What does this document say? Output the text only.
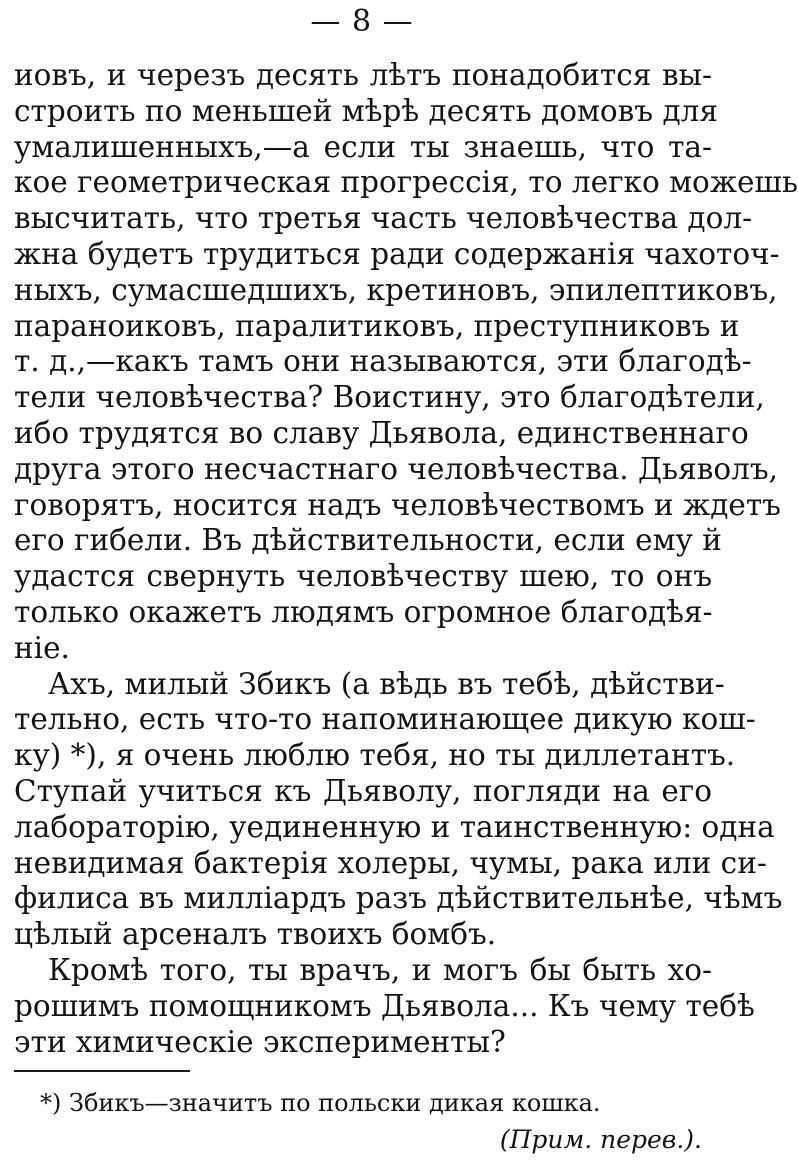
— 8 —
иовъ, и черезъ десять лѣтъ понадобится вы-
строить по меньшей мѣрѣ десять домовъ для
умалишенныхъ,—а если ты знаешь, что та-
кое геометрическая прогрессія, то легко можешь
высчитать, что третья часть человѣчества дол-
жна будетъ трудиться ради содержанія чахоточ-
ныхъ, сумасшедшихъ, кретиновъ, эпилептиковъ,
параноиковъ, паралитиковъ, преступниковъ и
т. д.,—какъ тамъ они называются, эти благодѣ-
тели человѣчества? Воистину, это благодѣтели,
ибо трудятся во славу Дьявола, единственнаго
друга этого несчастнаго человѣчества. Дьяволъ,
говорятъ, носится надъ человѣчествомъ и ждетъ
его гибели. Въ дѣйствительности, если ему й
удастся свернуть человѣчеству шею, то онъ
только окажетъ людямъ огромное благодѣя-
ніе.
Ахъ, милый Збикъ (а вѣдь въ тебѣ, дѣйстви-
тельно, есть что-то напоминающее дикую кош-
ку) *), я очень люблю тебя, но ты диллетантъ.
Ступай учиться къ Дьяволу, погляди на его
лабораторію, уединенную и таинственную: одна
невидимая бактерія холеры, чумы, рака или си-
филиса въ милліардъ разъ дѣйствительнѣе, чѣмъ
цѣлый арсеналъ твоихъ бомбъ.
Кромѣ того, ты врачъ, и могъ бы быть хо-
рошимъ помощникомъ Дьявола... Къ чему тебѣ
эти химическіе эксперименты?
*) Збикъ—значитъ по польски дикая кошка.
(Прим. перев.).
